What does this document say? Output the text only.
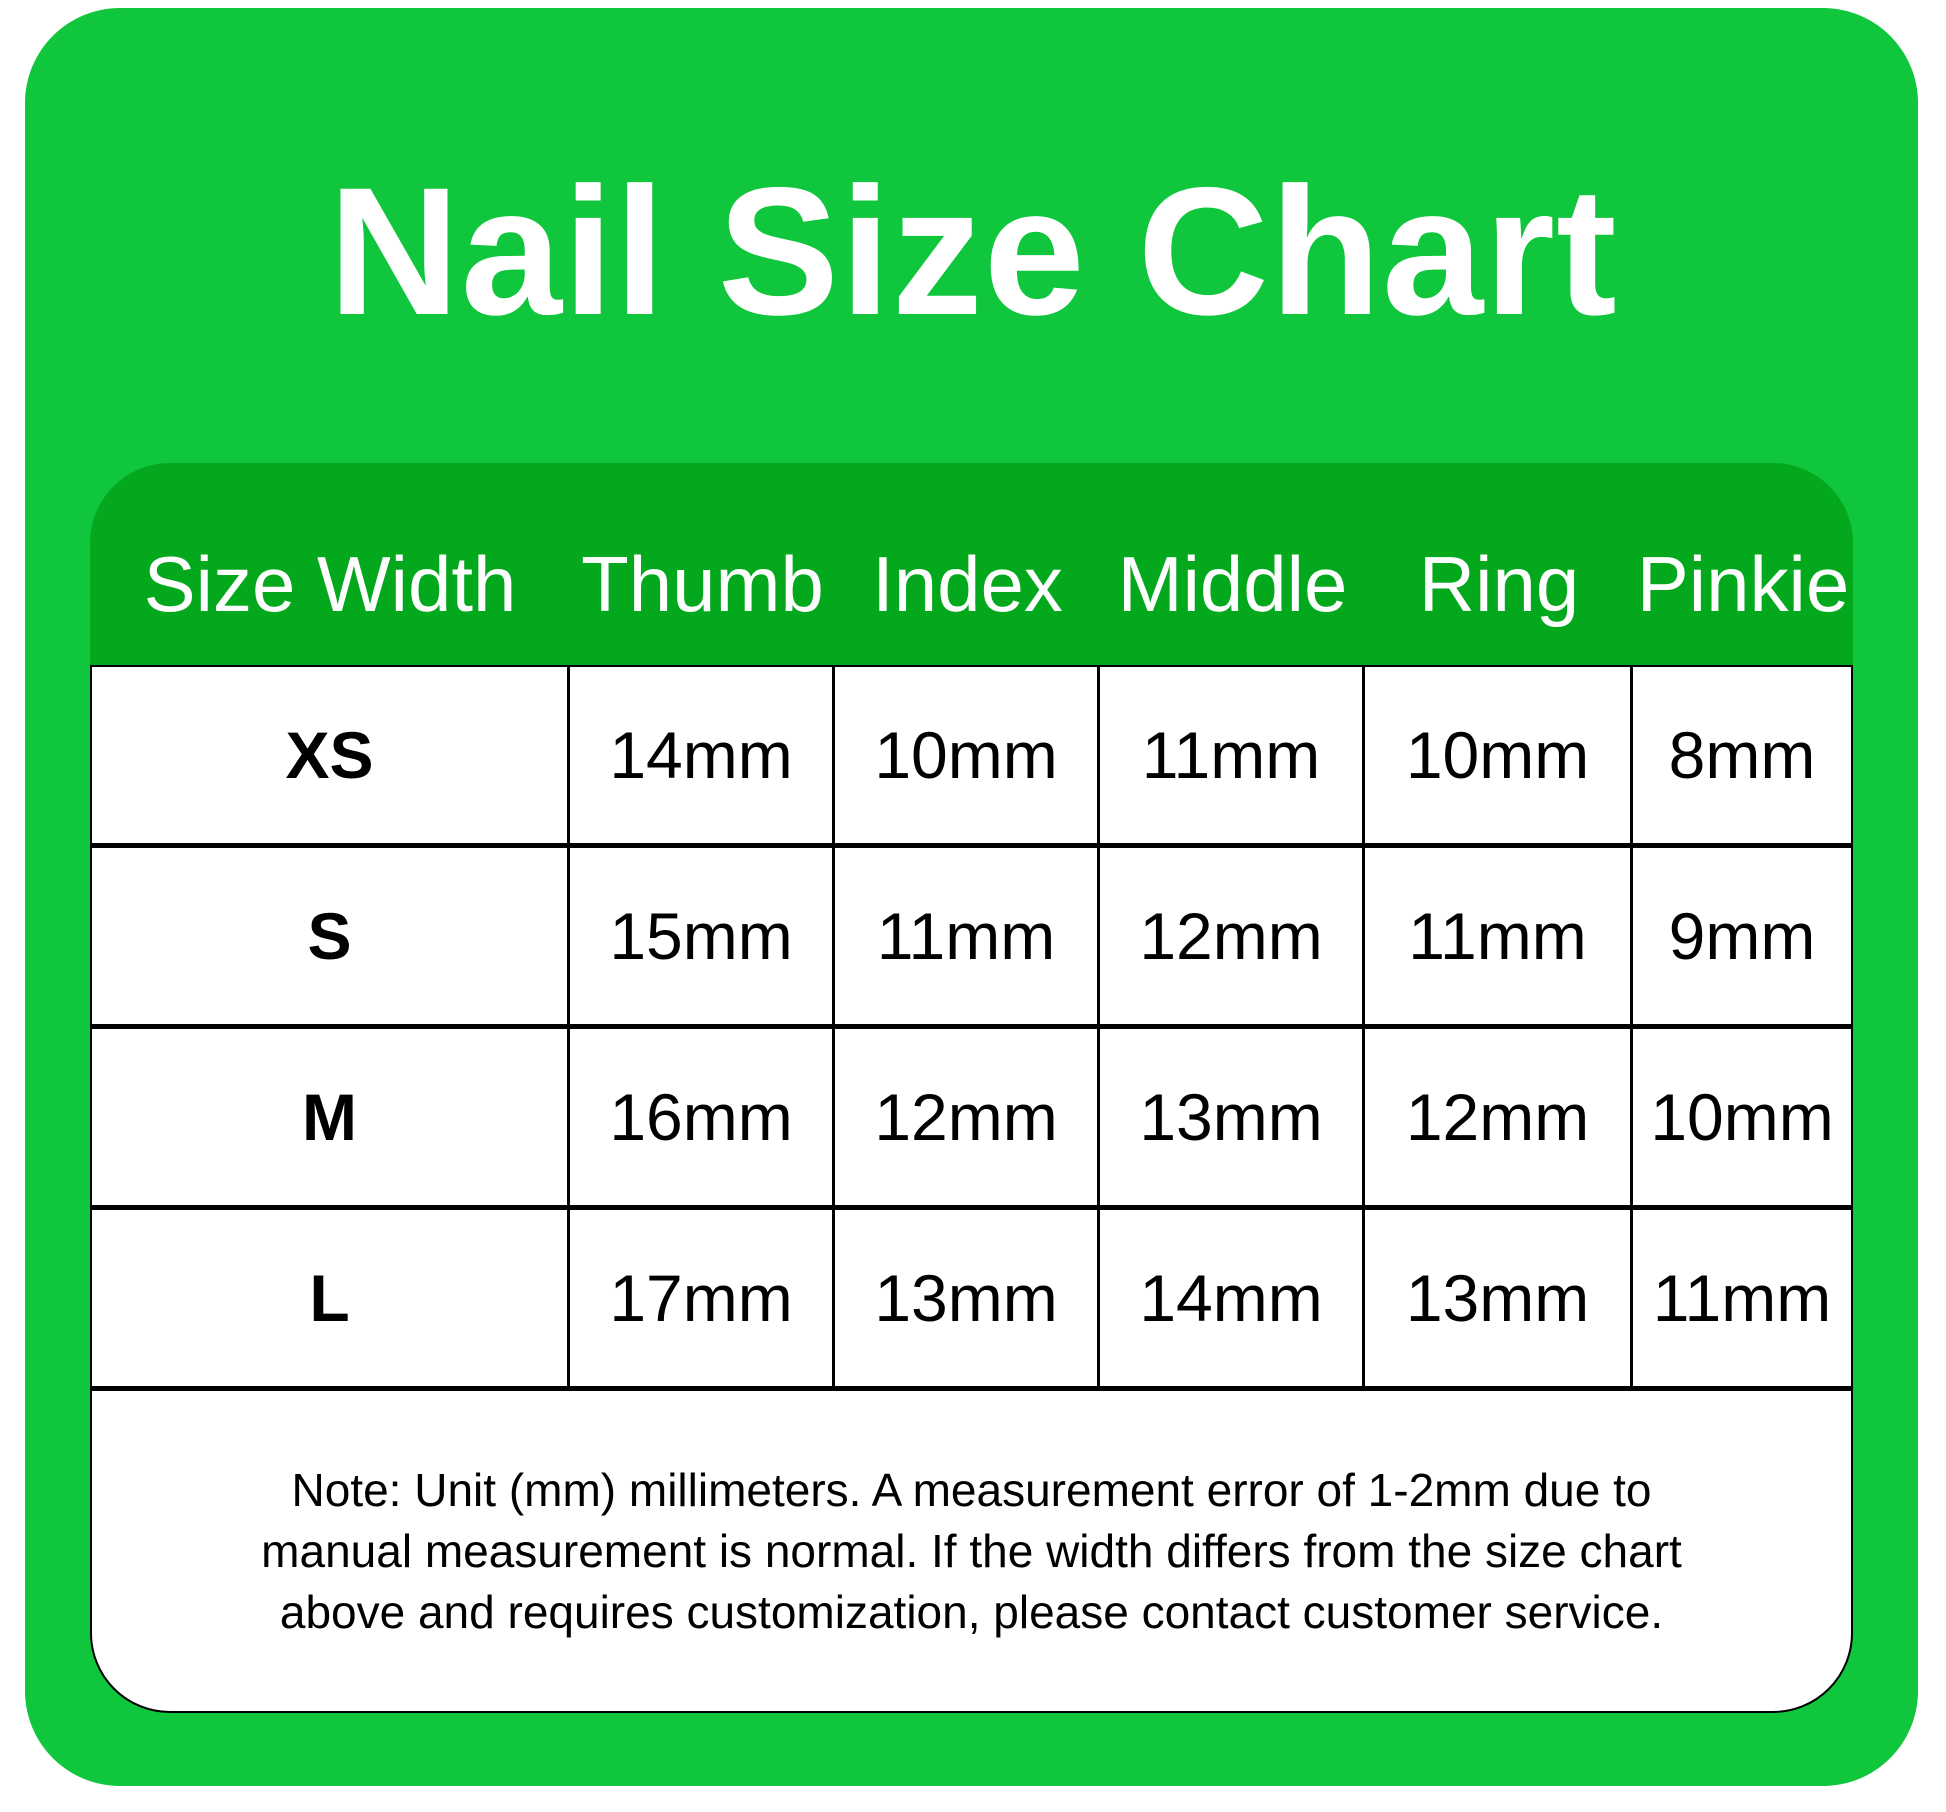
Nail Size Chart
Size Width Thumb Index Middle Ring Pinkie
XS	14mm	10mm	11mm	10mm	8mm
S	15mm	11mm	12mm	11mm	9mm
M	16mm	12mm	13mm	12mm 10mm
L	17mm	13mm	14mm	13mm 11mm
Note: Unit (mm) millimeters. A measurement error of 1-2mm due to
manual measurement is normal. If the width differs from the size chart
above and requires customization, please contact customer service.
